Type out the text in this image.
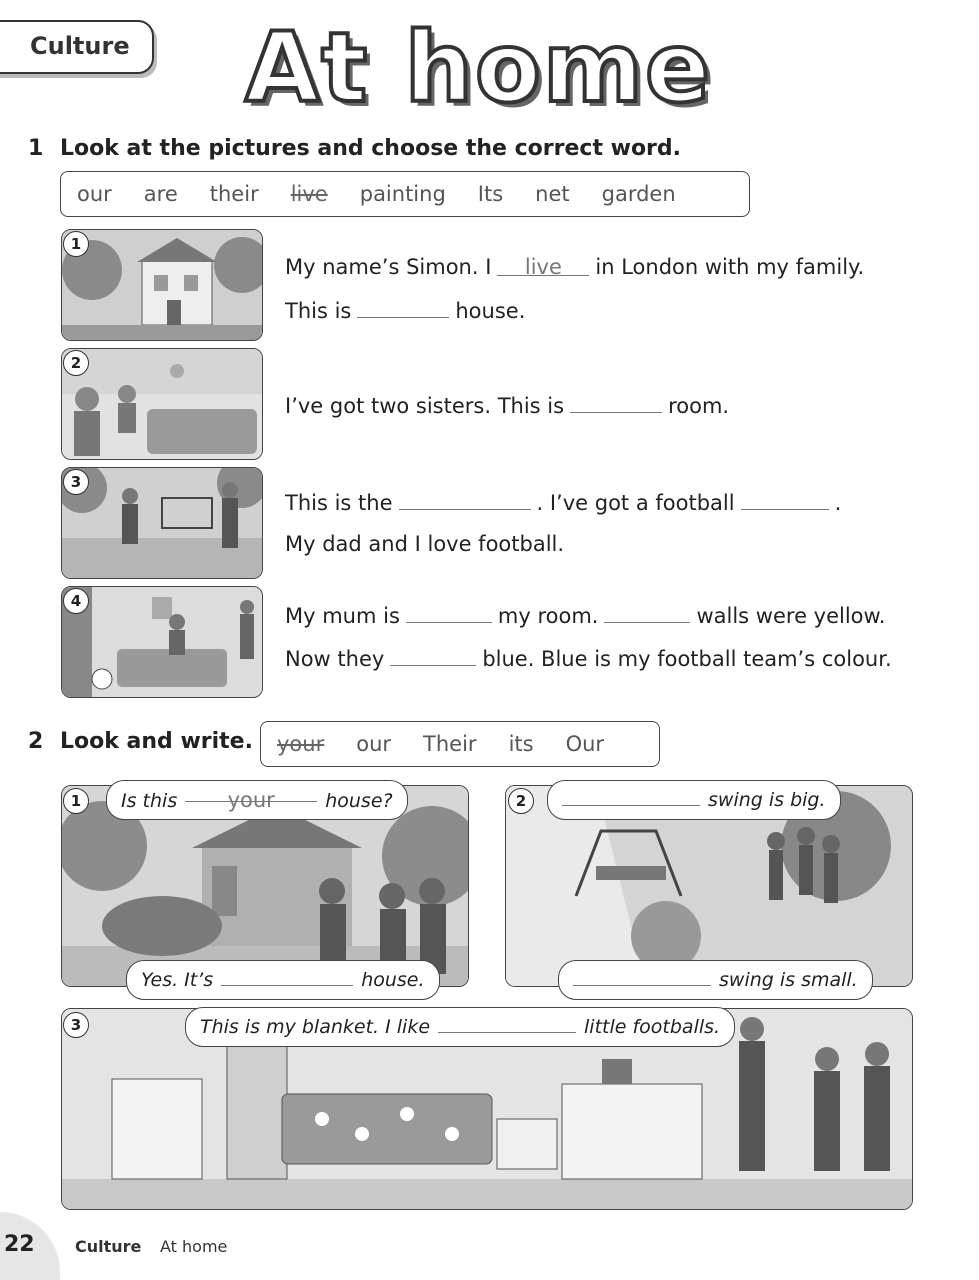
Culture At home
1 Look at the pictures and choose the correct word.
our are their live painting Its net garden
1
2
3
4
My name’s Simon. I live in London with my family.
This is	house.
I’ve got two sisters. This is	room.
This is the	. I’ve got a football	.
My dad and I love football.
My mum is	my room.	walls were yellow.
Now they	blue. Blue is my football team’s colour.
2 Look and write. your our Their its Our
1	Is this your	house?
Yes. It’s	house.
2	swing is big.
swing is small.
3	This is my blanket. I like	little footballs.
22	Culture At home
